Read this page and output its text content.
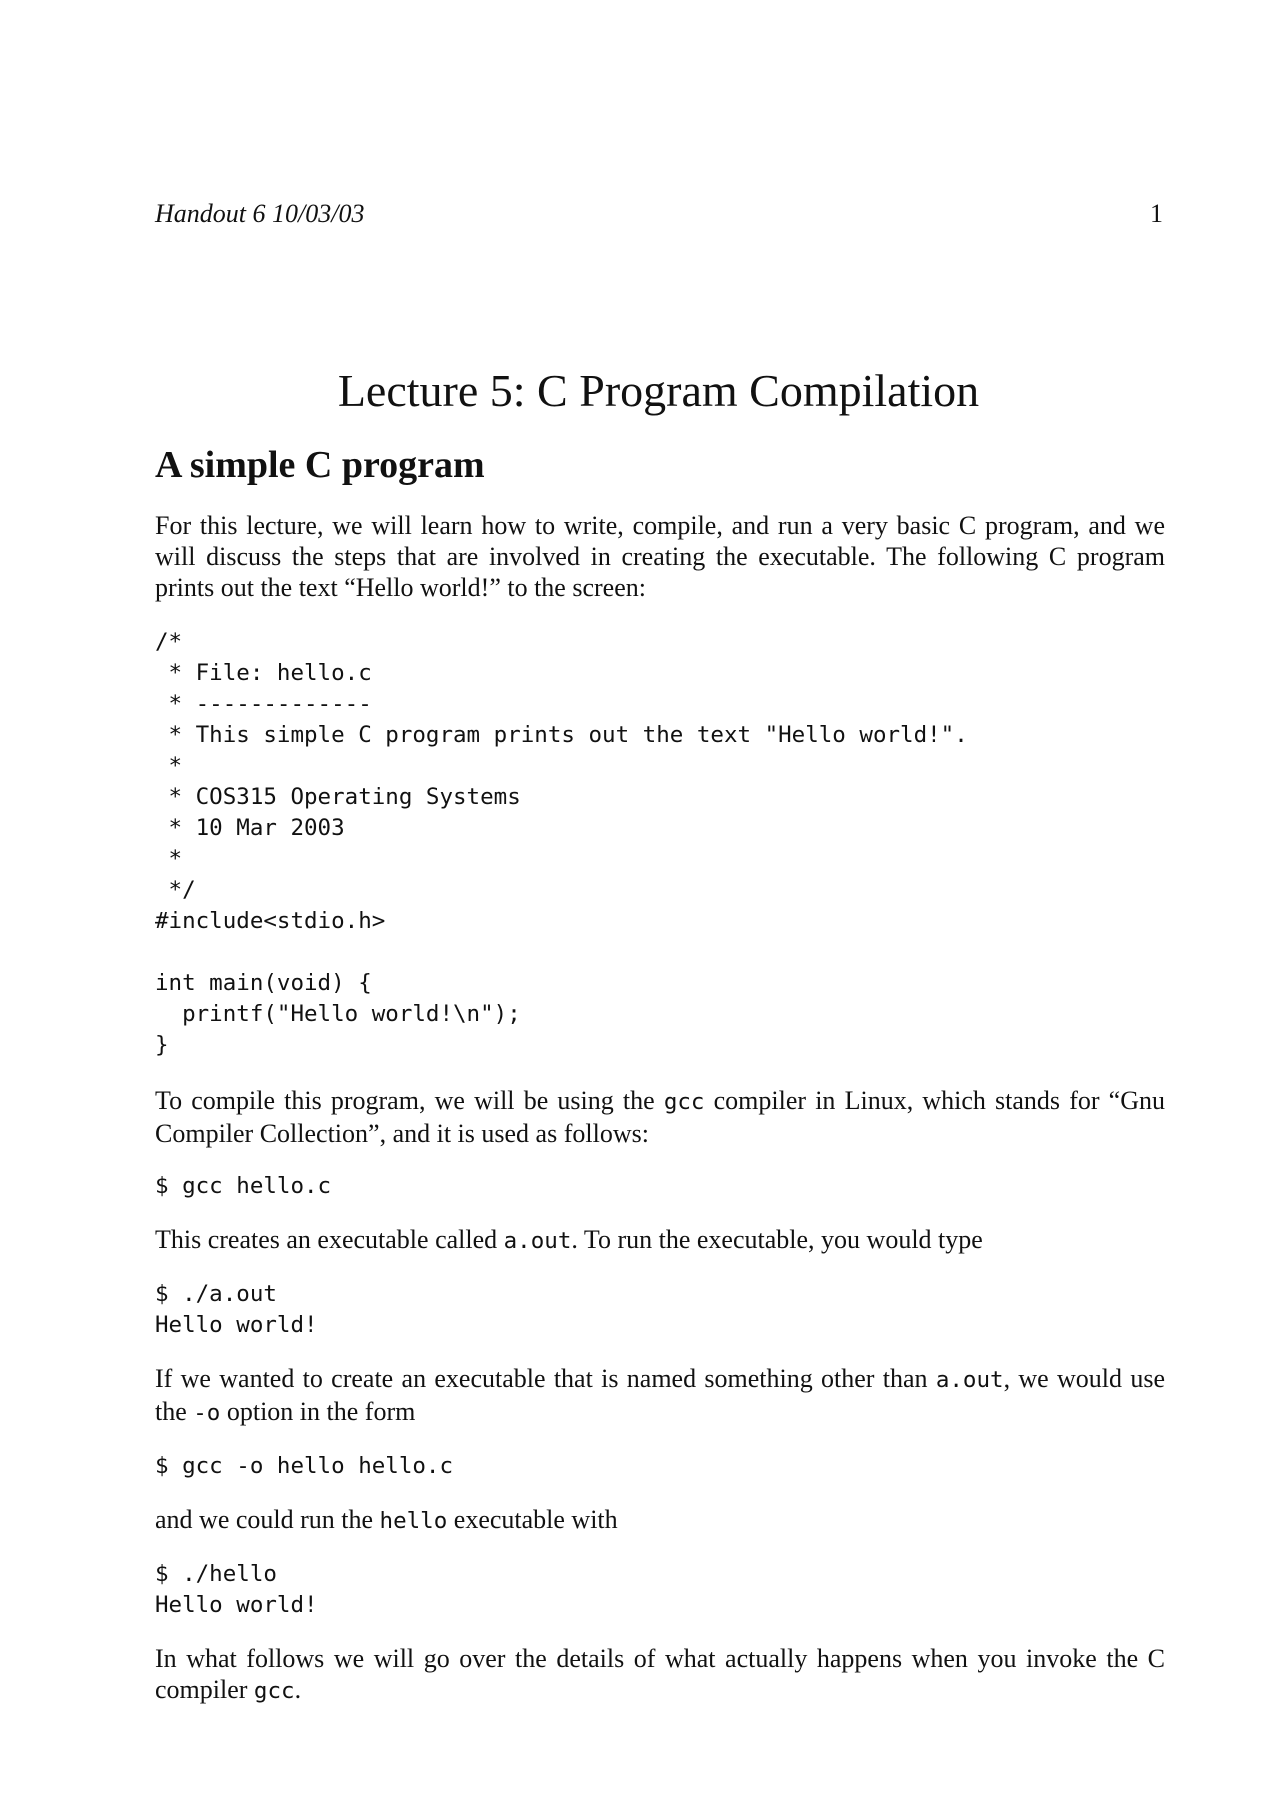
Handout 6 10/03/03	1
Lecture 5: C Program Compilation
A simple C program

For this lecture, we will learn how to write, compile, and run a very basic C program, and we will discuss the steps that are involved in creating the executable. The following C program prints out the text “Hello world!” to the screen:

/*
* File: hello.c
* -------------
* This simple C program prints out the text "Hello world!".
*
* COS315 Operating Systems
* 10 Mar 2003
*
*/
#include<stdio.h>

int main(void) {
printf("Hello world!\n");
}

To compile this program, we will be using the gcc compiler in Linux, which stands for “Gnu Compiler Collection”, and it is used as follows:

$ gcc hello.c

This creates an executable called a.out. To run the executable, you would type

$ ./a.out
Hello world!

If we wanted to create an executable that is named something other than a.out, we would use the -o option in the form

$ gcc -o hello hello.c

and we could run the hello executable with

$ ./hello
Hello world!

In what follows we will go over the details of what actually happens when you invoke the C compiler gcc.
